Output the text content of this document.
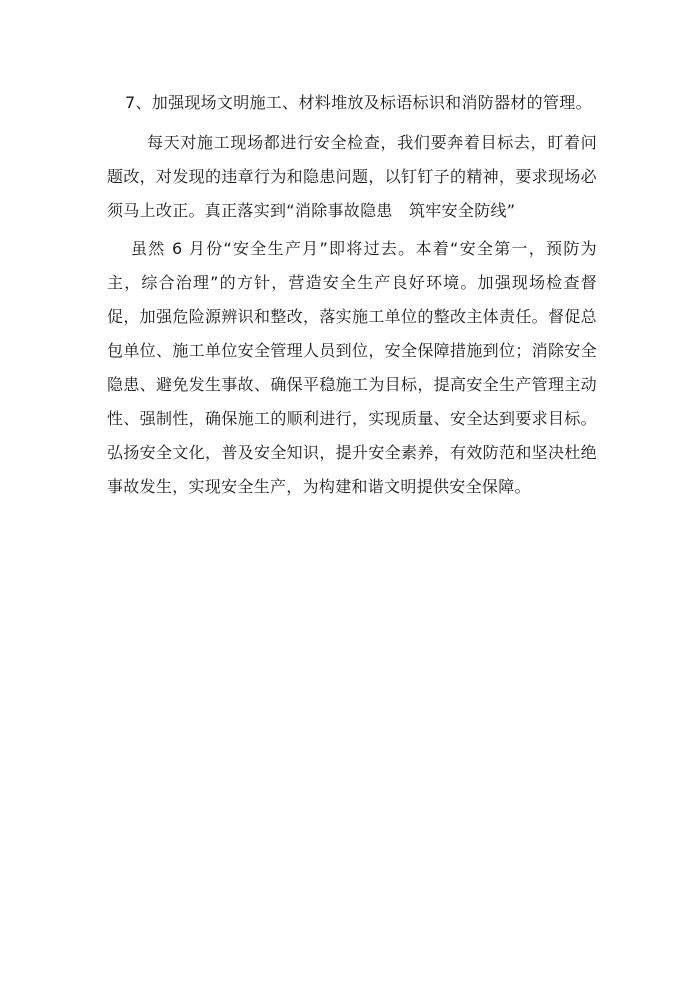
7、加强现场文明施工、材料堆放及标语标识和消防器材的管理。

每天对施工现场都进行安全检查，我们要奔着目标去，盯着问题改，对发现的违章行为和隐患问题，以钉钉子的精神，要求现场必须马上改正。真正落实到“消除事故隐患　筑牢安全防线”

虽然 6 月份“安全生产月”即将过去。本着“安全第一，预防为主，综合治理”的方针，营造安全生产良好环境。加强现场检查督促，加强危险源辨识和整改，落实施工单位的整改主体责任。督促总包单位、施工单位安全管理人员到位，安全保障措施到位；消除安全隐患、避免发生事故、确保平稳施工为目标，提高安全生产管理主动性、强制性，确保施工的顺利进行，实现质量、安全达到要求目标。弘扬安全文化，普及安全知识，提升安全素养，有效防范和坚决杜绝事故发生，实现安全生产，为构建和谐文明提供安全保障。
